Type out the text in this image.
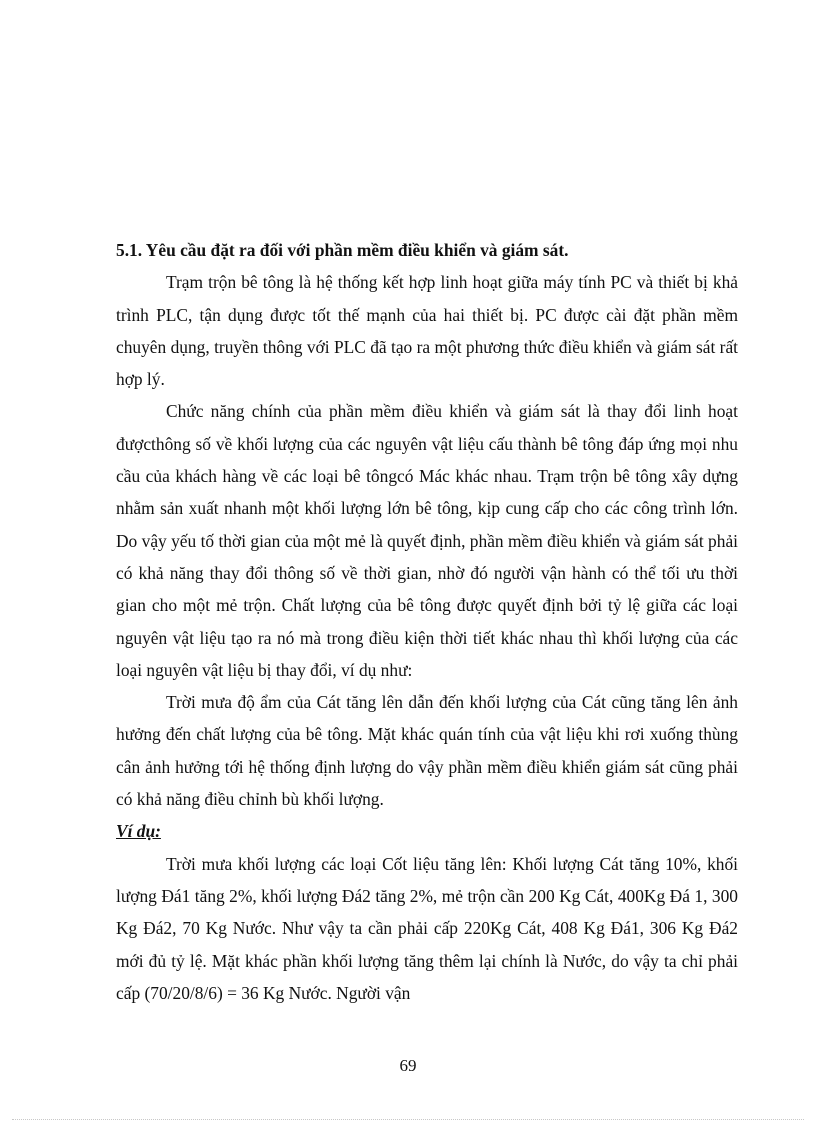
5.1. Yêu cầu đặt ra đối với phần mềm điều khiển và giám sát.

Trạm trộn bê tông là hệ thống kết hợp linh hoạt giữa máy tính PC và thiết bị khả trình PLC, tận dụng được tốt thế mạnh của hai thiết bị. PC được cài đặt phần mềm chuyên dụng, truyền thông với PLC đã tạo ra một phương thức điều khiển và giám sát rất hợp lý.

Chức năng chính của phần mềm điều khiển và giám sát là thay đổi linh hoạt đượcthông số về khối lượng của các nguyên vật liệu cấu thành bê tông đáp ứng mọi nhu cầu của khách hàng về các loại bê tôngcó Mác khác nhau. Trạm trộn bê tông xây dựng nhằm sản xuất nhanh một khối lượng lớn bê tông, kịp cung cấp cho các công trình lớn. Do vậy yếu tố thời gian của một mẻ là quyết định, phần mềm điều khiển và giám sát phải có khả năng thay đổi thông số về thời gian, nhờ đó người vận hành có thể tối ưu thời gian cho một mẻ trộn. Chất lượng của bê tông được quyết định bởi tỷ lệ giữa các loại nguyên vật liệu tạo ra nó mà trong điều kiện thời tiết khác nhau thì khối lượng của các loại nguyên vật liệu bị thay đổi, ví dụ như:

Trời mưa độ ẩm của Cát tăng lên dẫn đến khối lượng của Cát cũng tăng lên ảnh hưởng đến chất lượng của bê tông. Mặt khác quán tính của vật liệu khi rơi xuống thùng cân ảnh hưởng tới hệ thống định lượng do vậy phần mềm điều khiển giám sát cũng phải có khả năng điều chỉnh bù khối lượng.

Ví dụ:

Trời mưa khối lượng các loại Cốt liệu tăng lên: Khối lượng Cát tăng 10%, khối lượng Đá1 tăng 2%, khối lượng Đá2 tăng 2%, mẻ trộn cần 200 Kg Cát, 400Kg Đá 1, 300 Kg Đá2, 70 Kg Nước. Như vậy ta cần phải cấp 220Kg Cát, 408 Kg Đá1, 306 Kg Đá2 mới đủ tỷ lệ. Mặt khác phần khối lượng tăng thêm lại chính là Nước, do vậy ta chỉ phải cấp (70/20/8/6) = 36 Kg Nước. Người vận

69
